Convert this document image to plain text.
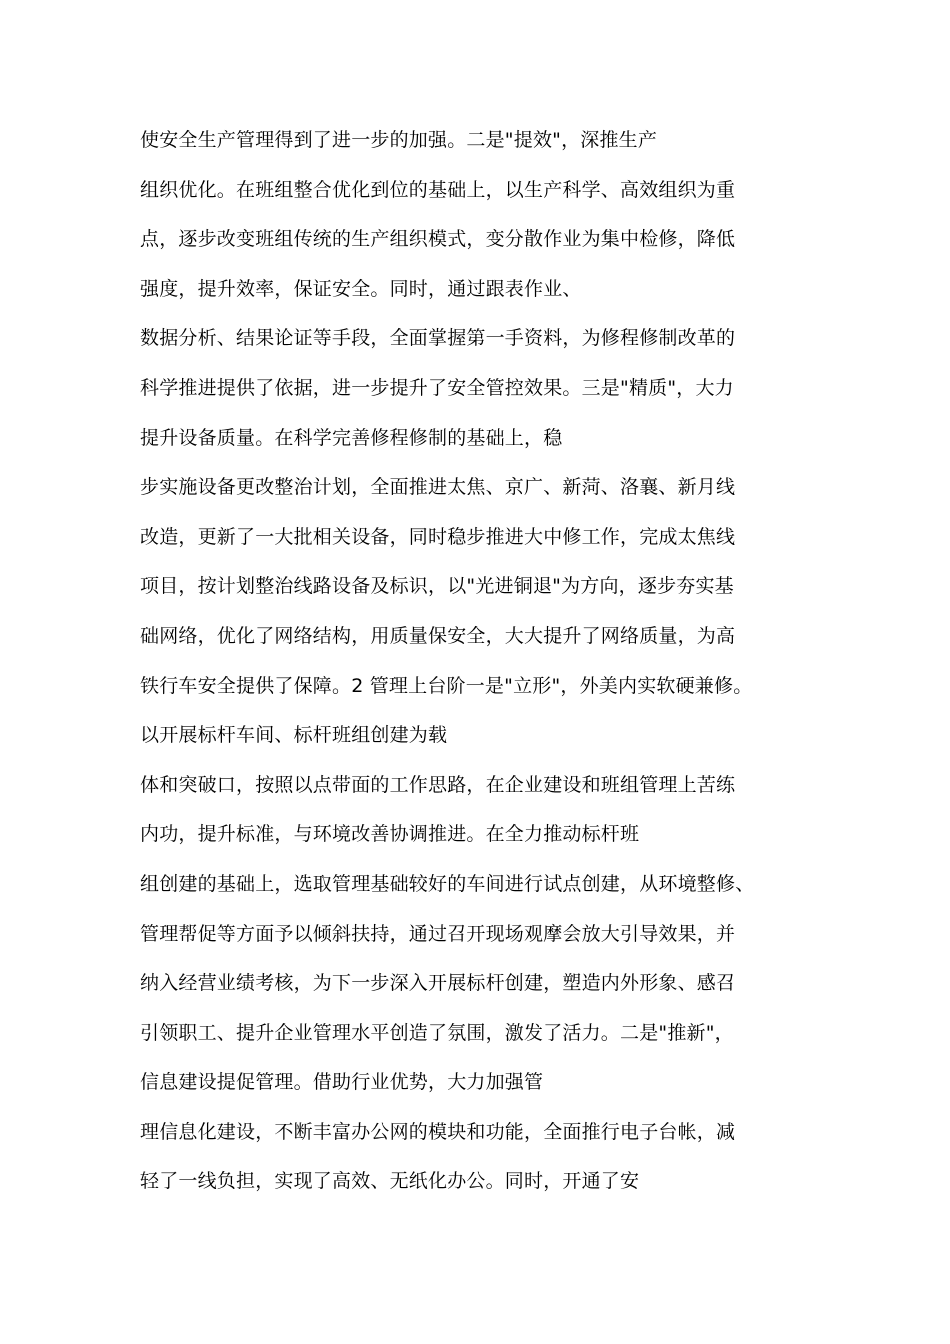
使安全生产管理得到了进一步的加强。二是"提效"，深推生产
组织优化。在班组整合优化到位的基础上，以生产科学、高效组织为重
点，逐步改变班组传统的生产组织模式，变分散作业为集中检修，降低
强度，提升效率，保证安全。同时，通过跟表作业、
数据分析、结果论证等手段，全面掌握第一手资料，为修程修制改革的
科学推进提供了依据，进一步提升了安全管控效果。三是"精质"，大力
提升设备质量。在科学完善修程修制的基础上，稳
步实施设备更改整治计划，全面推进太焦、京广、新菏、洛襄、新月线
改造，更新了一大批相关设备，同时稳步推进大中修工作，完成太焦线
项目，按计划整治线路设备及标识，以"光进铜退"为方向，逐步夯实基
础网络，优化了网络结构，用质量保安全，大大提升了网络质量，为高
铁行车安全提供了保障。2 管理上台阶一是"立形"，外美内实软硬兼修。
以开展标杆车间、标杆班组创建为载
体和突破口，按照以点带面的工作思路，在企业建设和班组管理上苦练
内功，提升标准，与环境改善协调推进。在全力推动标杆班
组创建的基础上，选取管理基础较好的车间进行试点创建，从环境整修、
管理帮促等方面予以倾斜扶持，通过召开现场观摩会放大引导效果，并
纳入经营业绩考核，为下一步深入开展标杆创建，塑造内外形象、感召
引领职工、提升企业管理水平创造了氛围，激发了活力。二是"推新"，
信息建设提促管理。借助行业优势，大力加强管
理信息化建设，不断丰富办公网的模块和功能，全面推行电子台帐，减
轻了一线负担，实现了高效、无纸化办公。同时，开通了安
